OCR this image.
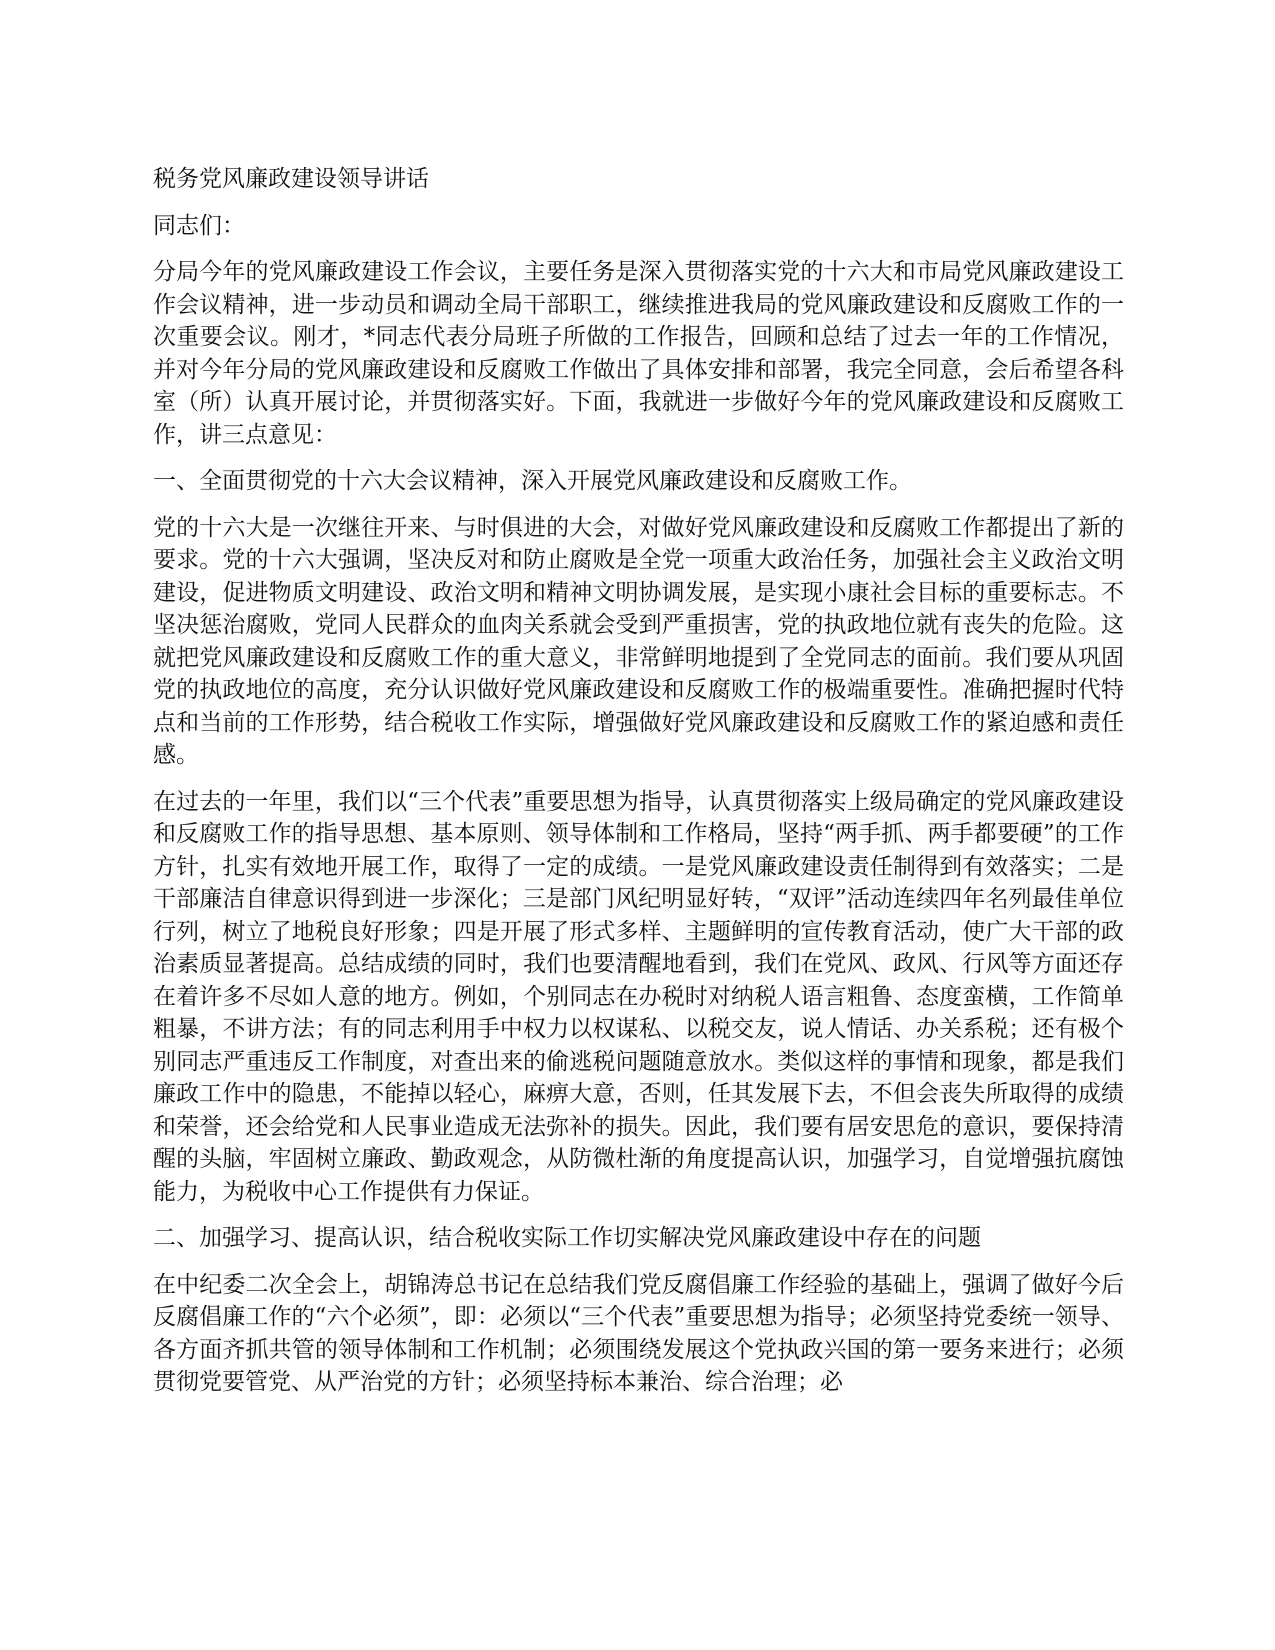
税务党风廉政建设领导讲话

同志们：

分局今年的党风廉政建设工作会议，主要任务是深入贯彻落实党的十六大和市局党风廉政建设工作会议精神，进一步动员和调动全局干部职工，继续推进我局的党风廉政建设和反腐败工作的一次重要会议。刚才，*同志代表分局班子所做的工作报告，回顾和总结了过去一年的工作情况，并对今年分局的党风廉政建设和反腐败工作做出了具体安排和部署，我完全同意，会后希望各科室（所）认真开展讨论，并贯彻落实好。下面，我就进一步做好今年的党风廉政建设和反腐败工作，讲三点意见：

一、全面贯彻党的十六大会议精神，深入开展党风廉政建设和反腐败工作。

党的十六大是一次继往开来、与时俱进的大会，对做好党风廉政建设和反腐败工作都提出了新的要求。党的十六大强调，坚决反对和防止腐败是全党一项重大政治任务，加强社会主义政治文明建设，促进物质文明建设、政治文明和精神文明协调发展，是实现小康社会目标的重要标志。不坚决惩治腐败，党同人民群众的血肉关系就会受到严重损害，党的执政地位就有丧失的危险。这就把党风廉政建设和反腐败工作的重大意义，非常鲜明地提到了全党同志的面前。我们要从巩固党的执政地位的高度，充分认识做好党风廉政建设和反腐败工作的极端重要性。准确把握时代特点和当前的工作形势，结合税收工作实际，增强做好党风廉政建设和反腐败工作的紧迫感和责任感。

在过去的一年里，我们以“三个代表”重要思想为指导，认真贯彻落实上级局确定的党风廉政建设和反腐败工作的指导思想、基本原则、领导体制和工作格局，坚持“两手抓、两手都要硬”的工作方针，扎实有效地开展工作，取得了一定的成绩。一是党风廉政建设责任制得到有效落实；二是干部廉洁自律意识得到进一步深化；三是部门风纪明显好转，“双评”活动连续四年名列最佳单位行列，树立了地税良好形象；四是开展了形式多样、主题鲜明的宣传教育活动，使广大干部的政治素质显著提高。总结成绩的同时，我们也要清醒地看到，我们在党风、政风、行风等方面还存在着许多不尽如人意的地方。例如，个别同志在办税时对纳税人语言粗鲁、态度蛮横，工作简单粗暴，不讲方法；有的同志利用手中权力以权谋私、以税交友，说人情话、办关系税；还有极个别同志严重违反工作制度，对查出来的偷逃税问题随意放水。类似这样的事情和现象，都是我们廉政工作中的隐患，不能掉以轻心，麻痹大意，否则，任其发展下去，不但会丧失所取得的成绩和荣誉，还会给党和人民事业造成无法弥补的损失。因此，我们要有居安思危的意识，要保持清醒的头脑，牢固树立廉政、勤政观念，从防微杜渐的角度提高认识，加强学习，自觉增强抗腐蚀能力，为税收中心工作提供有力保证。

二、加强学习、提高认识，结合税收实际工作切实解决党风廉政建设中存在的问题

在中纪委二次全会上，胡锦涛总书记在总结我们党反腐倡廉工作经验的基础上，强调了做好今后反腐倡廉工作的“六个必须”，即：必须以“三个代表”重要思想为指导；必须坚持党委统一领导、各方面齐抓共管的领导体制和工作机制；必须围绕发展这个党执政兴国的第一要务来进行；必须贯彻党要管党、从严治党的方针；必须坚持标本兼治、综合治理；必
